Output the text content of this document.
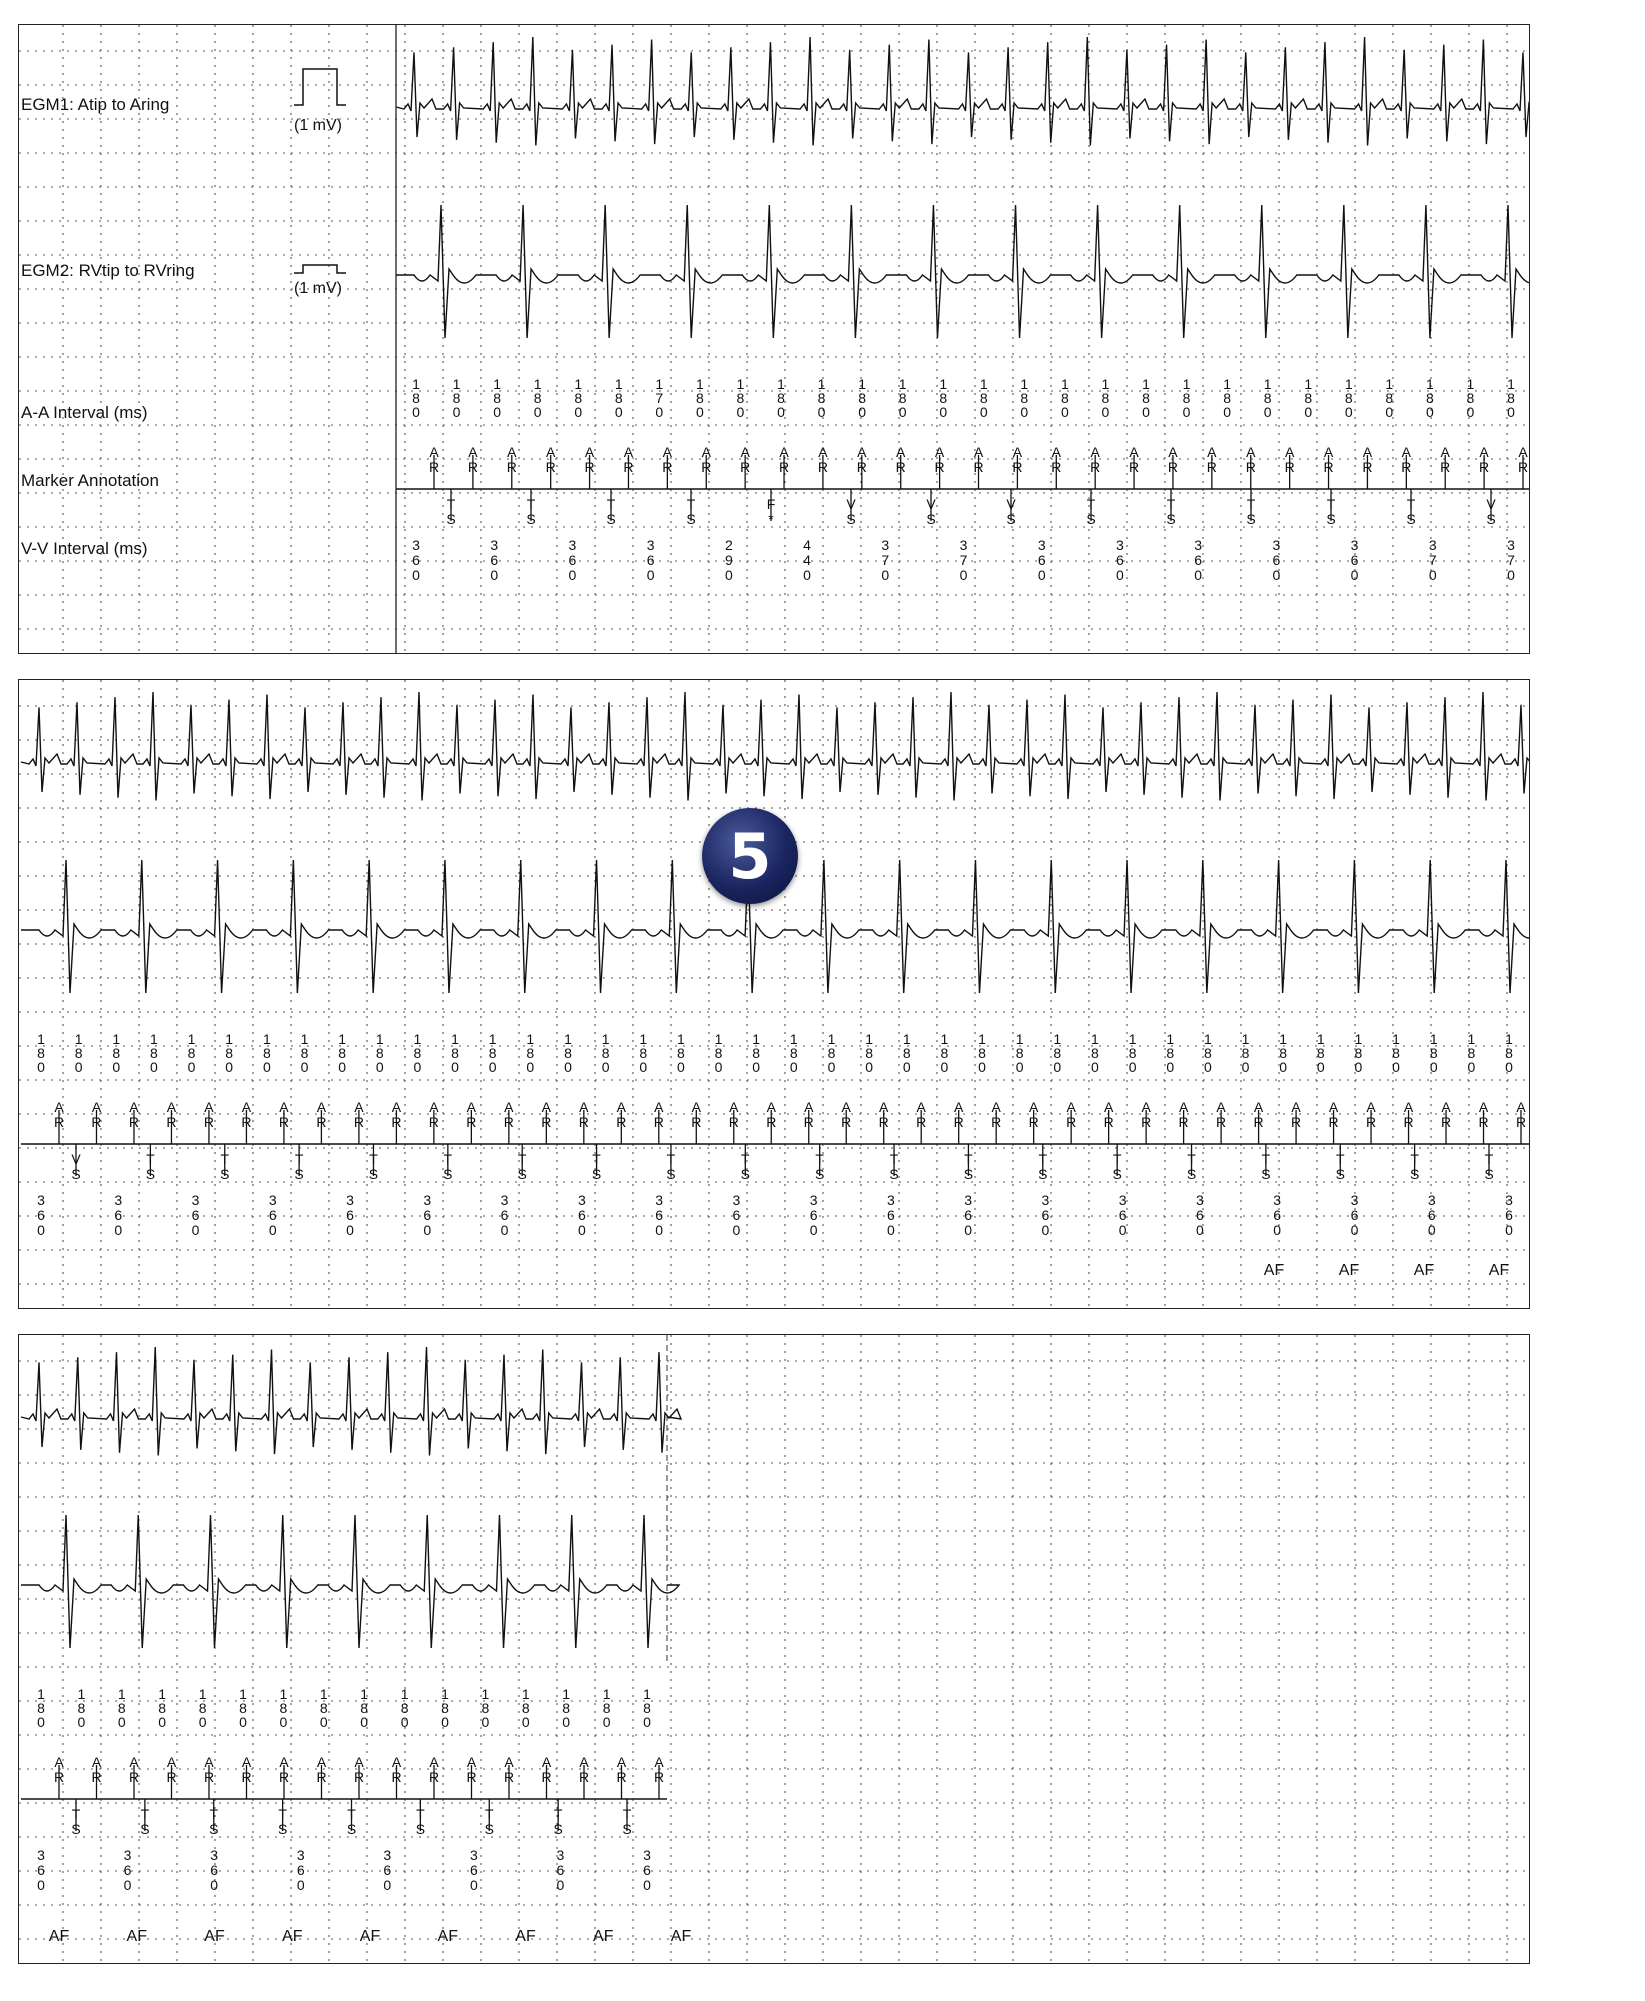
1
8
0
1
8
0
1
8
0
1
8
0
1
8
0
1
8
0
1
7
0
1
8
0
1
8
0
1
8
0
1
8
0
1
8
0
1
8
0
1
8
0
1
8
0
1
8
0
1
8
0
1
8
0
1
8
0
1
8
0
1
8
0
1
8
0
1
8
0
1
8
0
1
8
0
1
8
0
1
8
0
1
8
0
A
R
A
R
A
R
A
R
A
R
A
R
A
R
A
R
A
R
A
R
A
R
A
R
A
R
A
R
A
R
A
R
A
R
A
R
A
R
A
R
A
R
A
R
A
R
A
R
A
R
A
R
A
R
A
R
A
R
T
S
T
S
T
S
T
S
F
*
V
S
V
S
V
S
T
S
T
S
T
S
T
S
T
S
V
S
3
6
0
3
6
0
3
6
0
3
6
0
2
9
0
4
4
0
3
7
0
3
7
0
3
6
0
3
6
0
3
6
0
3
6
0
3
6
0
3
7
0
3
7
0
EGM1: Atip to Aring
(1 mV)
EGM2: RVtip to RVring
(1 mV)
A-A Interval (ms)
Marker Annotation
V-V Interval (ms)
1
8
0
1
8
0
1
8
0
1
8
0
1
8
0
1
8
0
1
8
0
1
8
0
1
8
0
1
8
0
1
8
0
1
8
0
1
8
0
1
8
0
1
8
0
1
8
0
1
8
0
1
8
0
1
8
0
1
8
0
1
8
0
1
8
0
1
8
0
1
8
0
1
8
0
1
8
0
1
8
0
1
8
0
1
8
0
1
8
0
1
8
0
1
8
0
1
8
0
1
8
0
1
8
0
1
8
0
1
8
0
1
8
0
1
8
0
1
8
0
A
R
A
R
A
R
A
R
A
R
A
R
A
R
A
R
A
R
A
R
A
R
A
R
A
R
A
R
A
R
A
R
A
R
A
R
A
R
A
R
A
R
A
R
A
R
A
R
A
R
A
R
A
R
A
R
A
R
A
R
A
R
A
R
A
R
A
R
A
R
A
R
A
R
A
R
A
R
A
R
V
S
T
S
T
S
T
S
T
S
T
S
T
S
T
S
T
S
T
S
T
S
T
S
T
S
T
S
T
S
T
S
T
S
T
S
T
S
T
S
3
6
0
3
6
0
3
6
0
3
6
0
3
6
0
3
6
0
3
6
0
3
6
0
3
6
0
3
6
0
3
6
0
3
6
0
3
6
0
3
6
0
3
6
0
3
6
0
3
6
0
3
6
0
3
6
0
3
6
0
AF	AF	AF	AF
1
8
0
1
8
0
1
8
0
1
8
0
1
8
0
1
8
0
1
8
0
1
8
0
1
8
0
1
8
0
1
8
0
1
8
0
1
8
0
1
8
0
1
8
0
1
8
0
A
R
A
R
A
R
A
R
A
R
A
R
A
R
A
R
A
R
A
R
A
R
A
R
A
R
A
R
A
R
A
R
A
R
T
S
T
S
T
S
T
S
T
S
T
S
T
S
T
S
T
S
3
6
0
3
6
0
3
6
0
3
6
0
3
6
0
3
6
0
3
6
0
3
6
0
AF	AF	AF	AF	AF	AF	AF	AF	AF
5
